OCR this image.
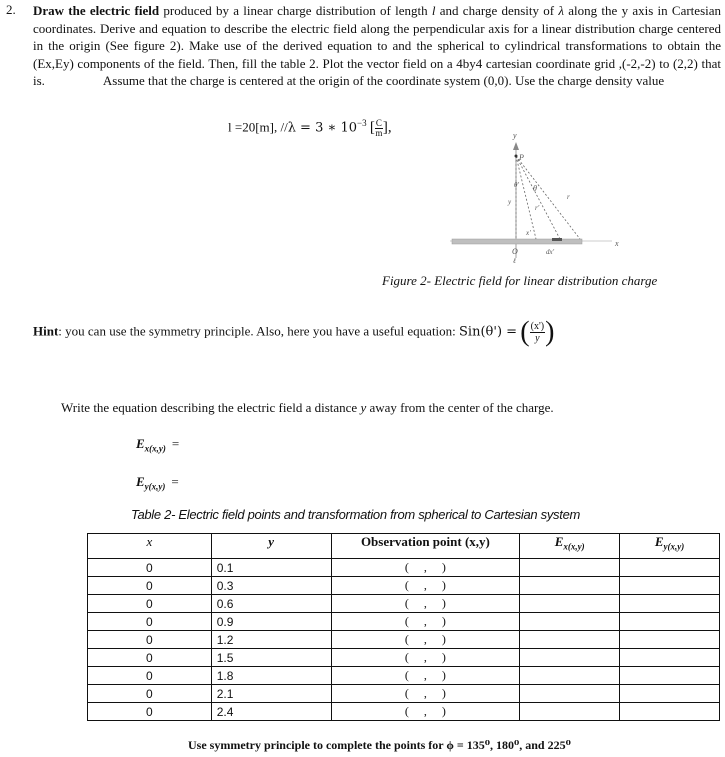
2. Draw the electric field produced by a linear charge distribution of length l and charge density of λ along the y axis in Cartesian coordinates. Derive and equation to describe the electric field along the perpendicular axis for a linear distribution charge centered in the origin (See figure 2). Make use of the derived equation to and the spherical to cylindrical transformations to obtain the (Ex,Ey) components of the field. Then, fill the table 2. Plot the vector field on a 4by4 cartesian coordinate grid ,(-2,-2) to (2,2) that is.	Assume that the charge is centered at the origin of the coordinate system (0,0). Use the charge density value
l =20[m], //λ = 3 ∗ $10^{-3}$ [ $\frac{C}{m}$ ],
y
P
θ' θ
r
r'
y
x'
O
ℓ
dx'
x
Figure 2- Electric field for linear distribution charge
Hint: you can use the symmetry principle. Also, here you have a useful equation: Sin(θ') = ( $\frac{(x')}{y}$ )
Write the equation describing the electric field a distance y away from the center of the charge.
$E_{x(x,y)}$ =
$E_{y(x,y)}$ =
Table 2- Electric field points and transformation from spherical to Cartesian system
x	y	Observation point (x,y)	$E_{x(x,y)}$	$E_{y(x,y)}$
0	0.1	(     ,     )		
0	0.3	(     ,     )		
0	0.6	(     ,     )		
0	0.9	(     ,     )		
0	1.2	(     ,     )		
0	1.5	(     ,     )		
0	1.8	(     ,     )		
0	2.1	(     ,     )		
0	2.4	(     ,     )		
Use symmetry principle to complete the points for ϕ = 135⁰, 180⁰, and 225⁰
